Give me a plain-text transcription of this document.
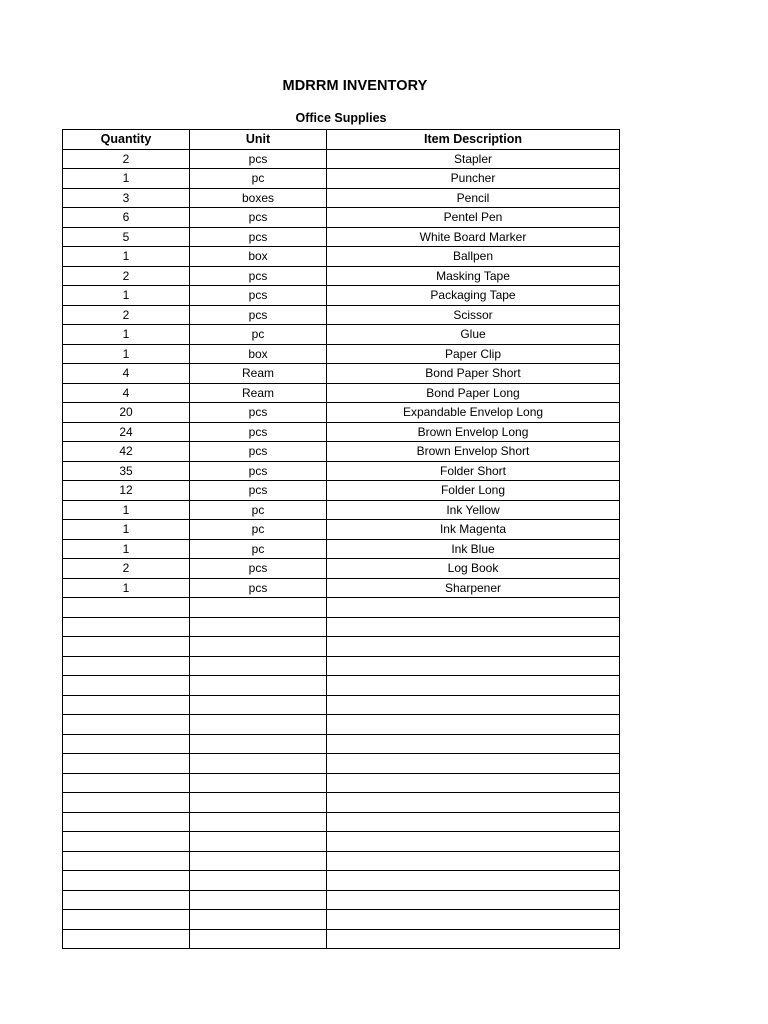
MDRRM INVENTORY
Office Supplies
Quantity	Unit	Item Description
2	pcs	Stapler
1	pc	Puncher
3	boxes	Pencil
6	pcs	Pentel Pen
5	pcs	White Board Marker
1	box	Ballpen
2	pcs	Masking Tape
1	pcs	Packaging Tape
2	pcs	Scissor
1	pc	Glue
1	box	Paper Clip
4	Ream	Bond Paper Short
4	Ream	Bond Paper Long
20	pcs	Expandable Envelop Long
24	pcs	Brown Envelop Long
42	pcs	Brown Envelop Short
35	pcs	Folder Short
12	pcs	Folder Long
1	pc	Ink Yellow
1	pc	Ink Magenta
1	pc	Ink Blue
2	pcs	Log Book
1	pcs	Sharpener
